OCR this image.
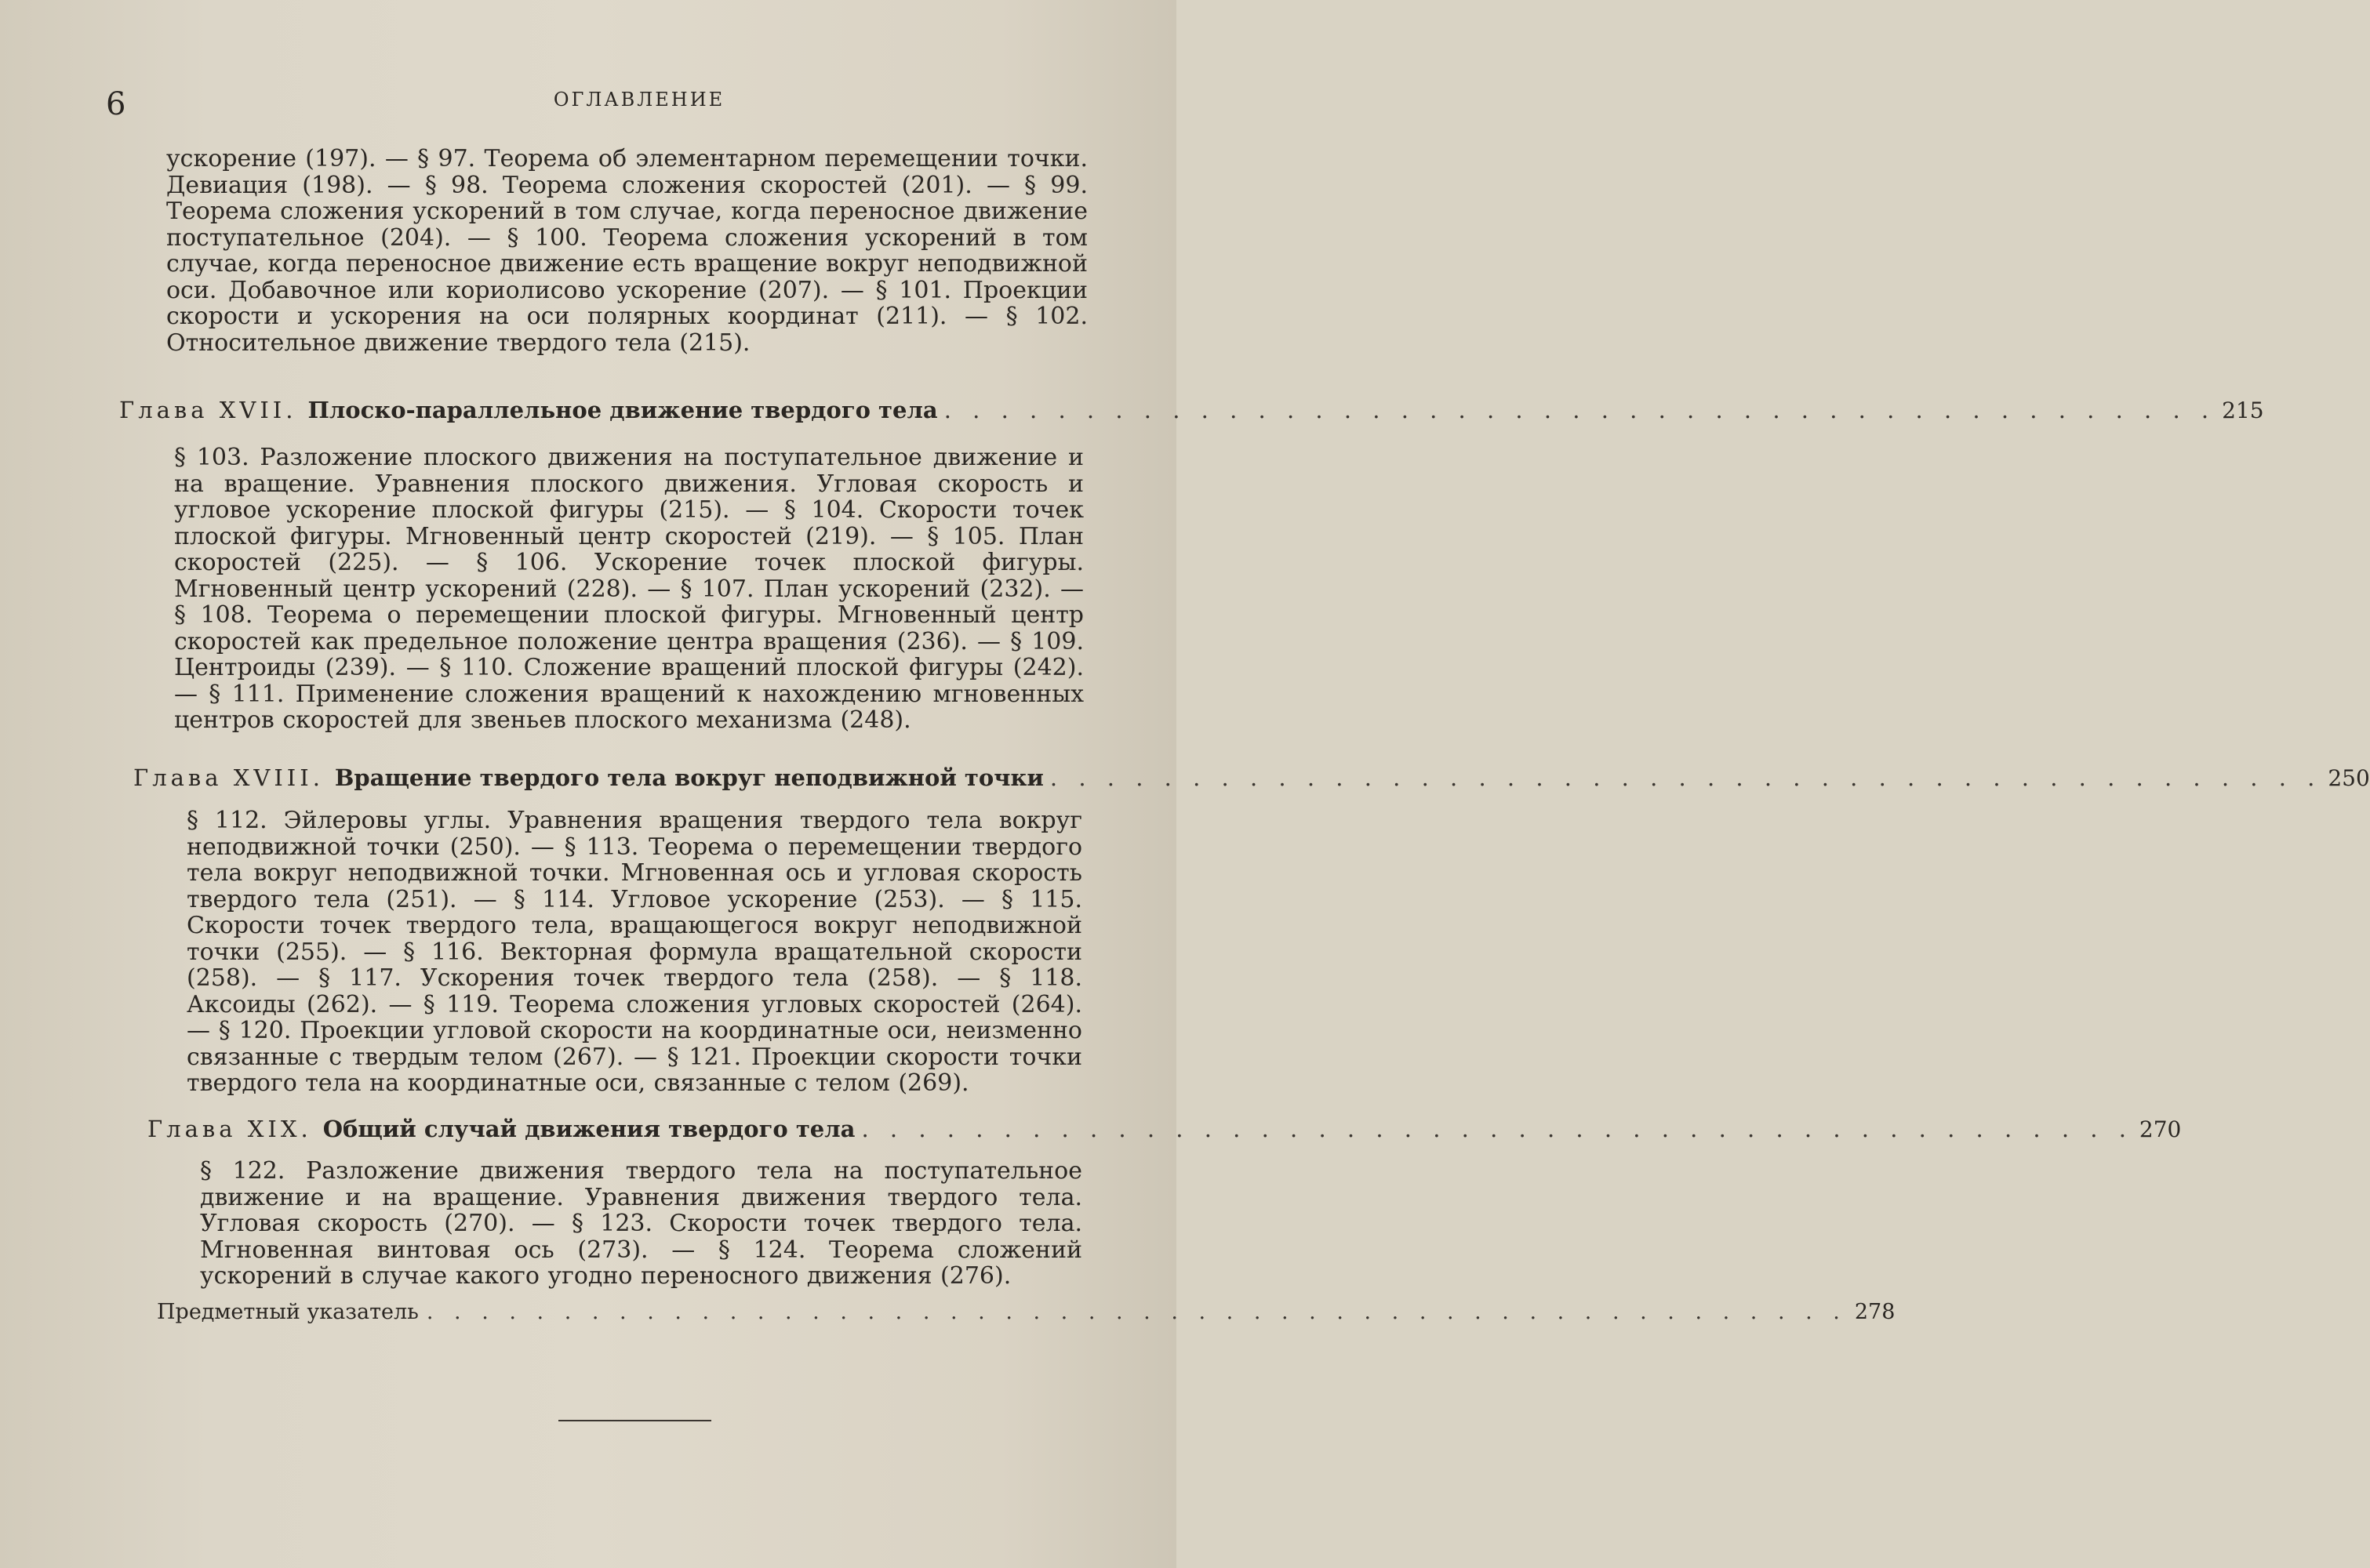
6	ОГЛАВЛЕНИЕ
ускорение (197). — § 97. Теорема об элементарном перемещении точки. Девиация (198). — § 98. Теорема сложения скоростей (201). — § 99. Теорема сложения ускорений в том случае, когда переносное движение поступательное (204). — § 100. Теорема сложения ускорений в том случае, когда переносное движение есть вращение вокруг неподвижной оси. Добавочное или кориолисово ускорение (207). — § 101. Проекции скорости и ускорения на оси полярных координат (211). — § 102. Относительное движение твердого тела (215).
Глава XVII. Плоско-параллельное движение твердого тела . . . . . . . . . . . . . . . . . . . . . . . . . . . . . . . . . . . . . . . . . . . . . 215
§ 103. Разложение плоского движения на поступательное движение и на вращение. Уравнения плоского движения. Угловая скорость и угловое ускорение плоской фигуры (215). — § 104. Скорости точек плоской фигуры. Мгновенный центр скоростей (219). — § 105. План скоростей (225). — § 106. Ускорение точек плоской фигуры. Мгновенный центр ускорений (228). — § 107. План ускорений (232). — § 108. Теорема о перемещении плоской фигуры. Мгновенный центр скоростей как предельное положение центра вращения (236). — § 109. Центроиды (239). — § 110. Сложение вращений плоской фигуры (242). — § 111. Применение сложения вращений к нахождению мгновенных центров скоростей для звеньев плоского механизма (248).
Глава XVIII. Вращение твердого тела вокруг неподвижной точки . . . . . . . . . . . . . . . . . . . . . . . . . . . . . . . . . . . . . . . . . . . . . 250
§ 112. Эйлеровы углы. Уравнения вращения твердого тела вокруг неподвижной точки (250). — § 113. Теорема о перемещении твердого тела вокруг неподвижной точки. Мгновенная ось и угловая скорость твердого тела (251). — § 114. Угловое ускорение (253). — § 115. Скорости точек твердого тела, вращающегося вокруг неподвижной точки (255). — § 116. Векторная формула вращательной скорости (258). — § 117. Ускорения точек твердого тела (258). — § 118. Аксоиды (262). — § 119. Теорема сложения угловых скоростей (264). — § 120. Проекции угловой скорости на координатные оси, неизменно связанные с твердым телом (267). — § 121. Проекции скорости точки твердого тела на координатные оси, связанные с телом (269).
Глава XIX. Общий случай движения твердого тела . . . . . . . . . . . . . . . . . . . . . . . . . . . . . . . . . . . . . . . . . . . . . 270
§ 122. Разложение движения твердого тела на поступательное движение и на вращение. Уравнения движения твердого тела. Угловая скорость (270). — § 123. Скорости точек твердого тела. Мгновенная винтовая ось (273). — § 124. Теорема сложений ускорений в случае какого угодно переносного движения (276).
Предметный указатель . . . . . . . . . . . . . . . . . . . . . . . . . . . . . . . . . . . . . . . . . . . . . . . . . . . . 278
